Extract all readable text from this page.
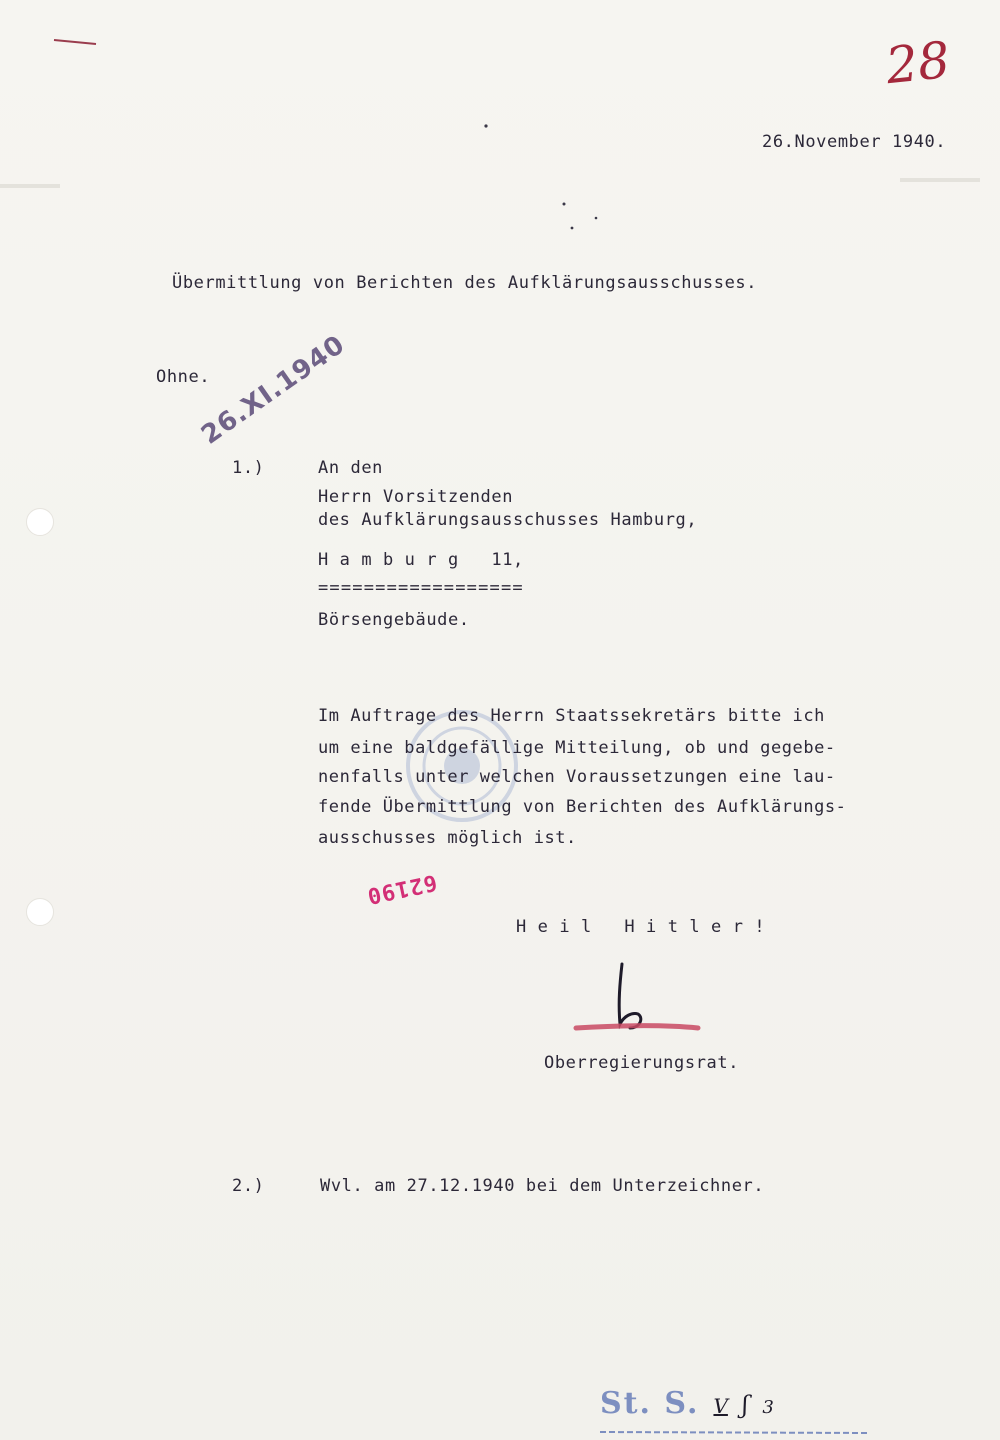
28
26.November 1940.
Übermittlung von Berichten des Aufklärungsausschusses.
Ohne.
26.XI.1940
1.)	An den
Herrn Vorsitzenden
des Aufklärungsausschusses Hamburg,
H a m b u r g   11,
==================
Börsengebäude.
Im Auftrage des Herrn Staatssekretärs bitte ich
um eine baldgefällige Mitteilung, ob und gegebe-
nenfalls unter welchen Voraussetzungen eine lau-
fende Übermittlung von Berichten des Aufklärungs-
ausschusses möglich ist.
62190
H e i l   H i t l e r !
Oberregierungsrat.
2.)	Wvl. am 27.12.1940 bei dem Unterzeichner.
St. S. V ʃ 3
